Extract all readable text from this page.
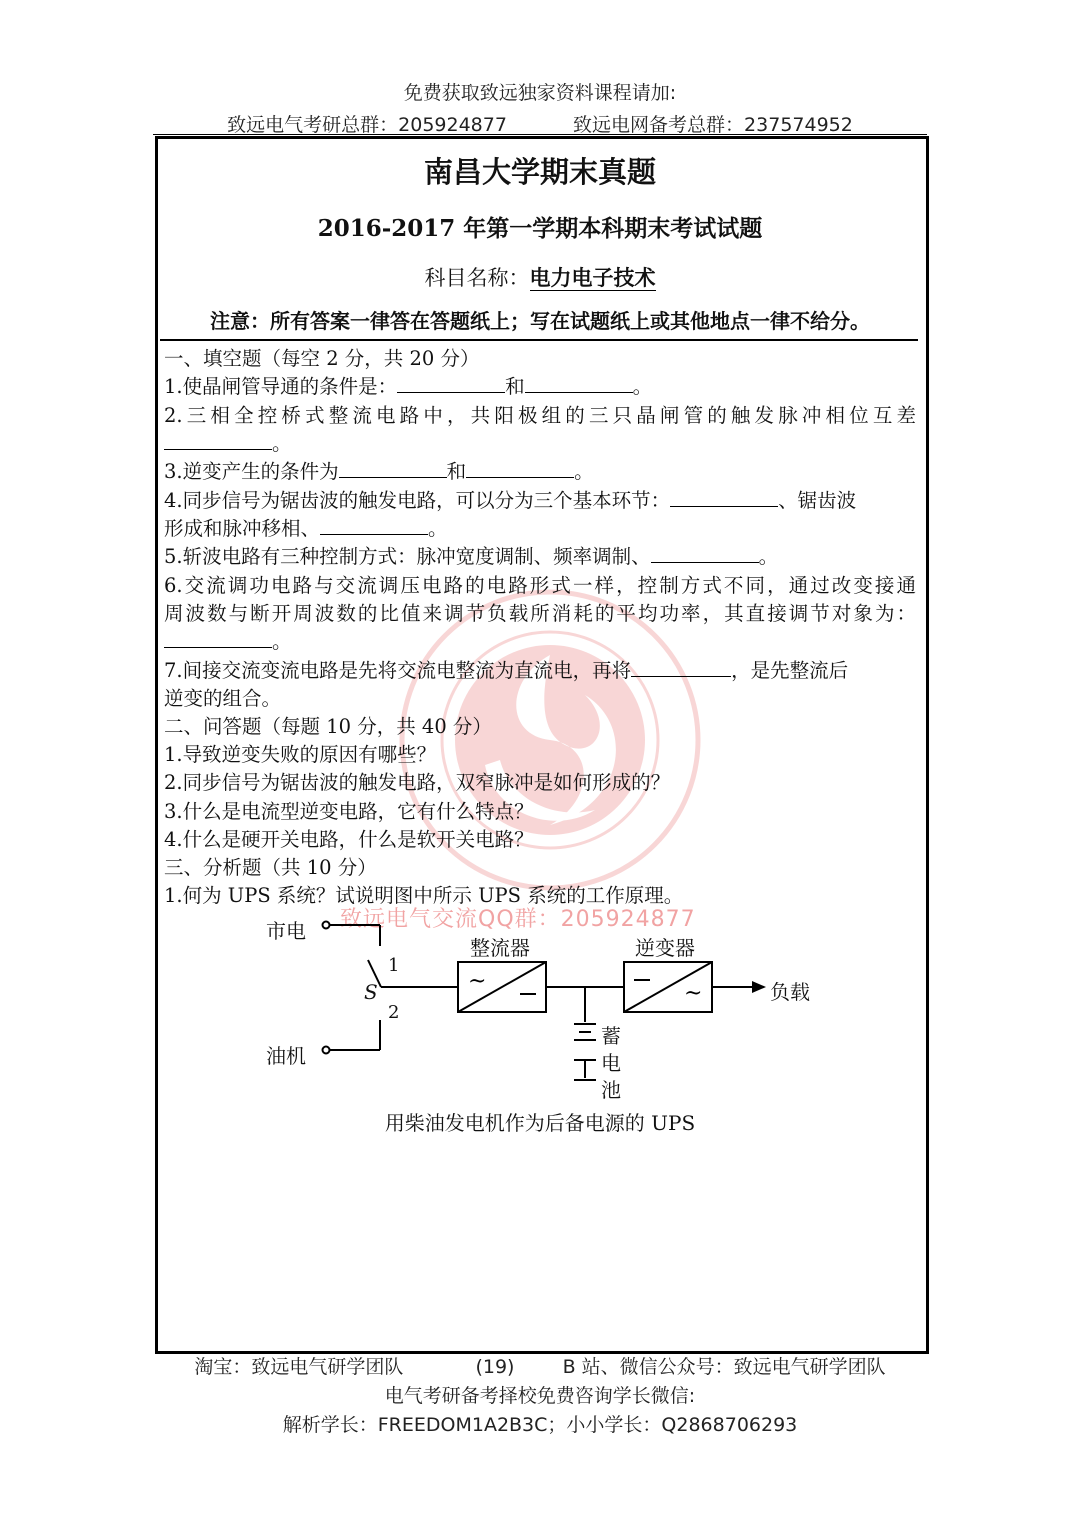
免费获取致远独家资料课程请加:
致远电气考研总群：205924877	致远电网备考总群：237574952
致远电气交流QQ群：205924877
南昌大学期末真题
2016-2017 年第一学期本科期末考试试题
科目名称：电力电子技术
注意：所有答案一律答在答题纸上；写在试题纸上或其他地点一律不给分。
一、填空题（每空 2 分，共 20 分）
1.使晶闸管导通的条件是：	和	。
2.三相全控桥式整流电路中，共阳极组的三只晶闸管的触发脉冲相位互差
。
3.逆变产生的条件为	和	。
4.同步信号为锯齿波的触发电路，可以分为三个基本环节：	、锯齿波
形成和脉冲移相、	。
5.斩波电路有三种控制方式：脉冲宽度调制、频率调制、	。
6.交流调功电路与交流调压电路的电路形式一样，控制方式不同，通过改变接通
周波数与断开周波数的比值来调节负载所消耗的平均功率，其直接调节对象为：
。
7.间接交流变流电路是先将交流电整流为直流电，再将	，是先整流后
逆变的组合。
二、问答题（每题 10 分，共 40 分）
1.导致逆变失败的原因有哪些？
2.同步信号为锯齿波的触发电路，双窄脉冲是如何形成的？
3.什么是电流型逆变电路，它有什么特点？
4.什么是硬开关电路，什么是软开关电路？
三、分析题（共 10 分）
1.何为 UPS 系统？试说明图中所示 UPS 系统的工作原理。
~	~
市电
油机
S
1
2
整流器	逆变器
负载
蓄
电
池
用柴油发电机作为后备电源的 UPS
淘宝：致远电气研学团队	(19)	B 站、微信公众号：致远电气研学团队
电气考研备考择校免费咨询学长微信:
解析学长：FREEDOM1A2B3C；小小学长：Q2868706293
